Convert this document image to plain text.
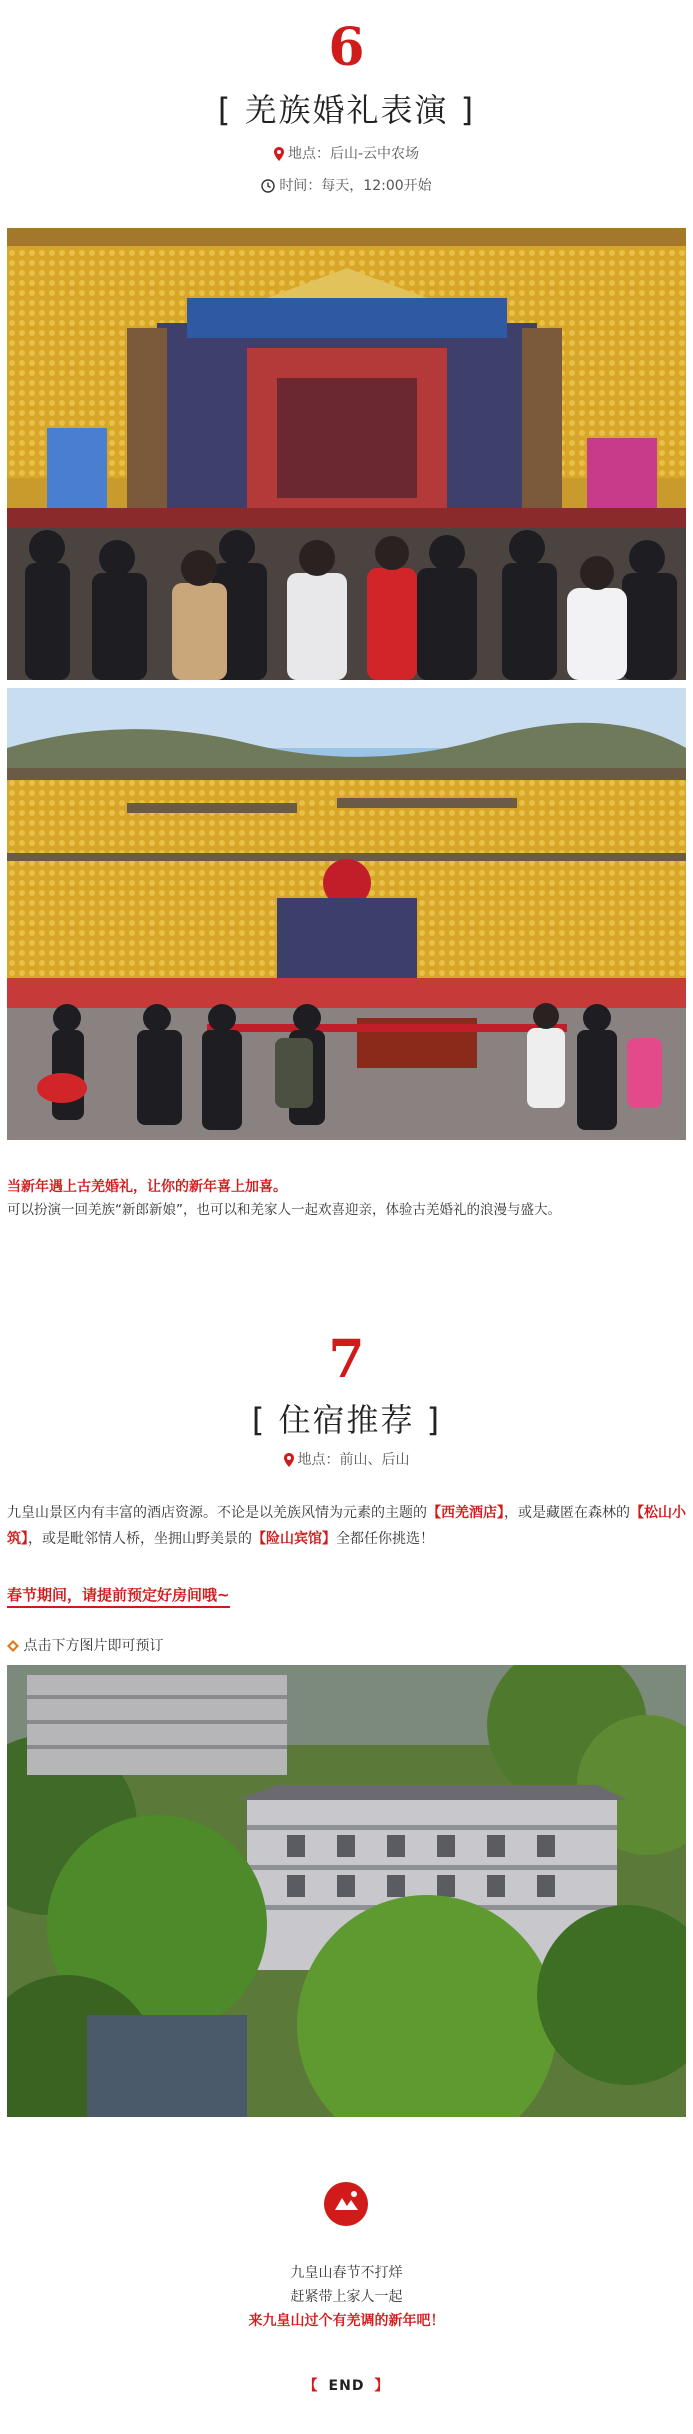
6
[ 羌族婚礼表演 ]
地点：后山-云中农场
时间：每天，12:00开始
当新年遇上古羌婚礼，让你的新年喜上加喜。
可以扮演一回羌族“新郎新娘”，也可以和羌家人一起欢喜迎亲，体验古羌婚礼的浪漫与盛大。
7
[ 住宿推荐 ]
地点：前山、后山
九皇山景区内有丰富的酒店资源。不论是以羌族风情为元素的主题的【西羌酒店】，或是藏匿在森林的【松山小筑】，或是毗邻情人桥，坐拥山野美景的【险山宾馆】全都任你挑选！
春节期间，请提前预定好房间哦~
点击下方图片即可预订
九皇山春节不打烊
赶紧带上家人一起
来九皇山过个有羌调的新年吧！
【 END 】
